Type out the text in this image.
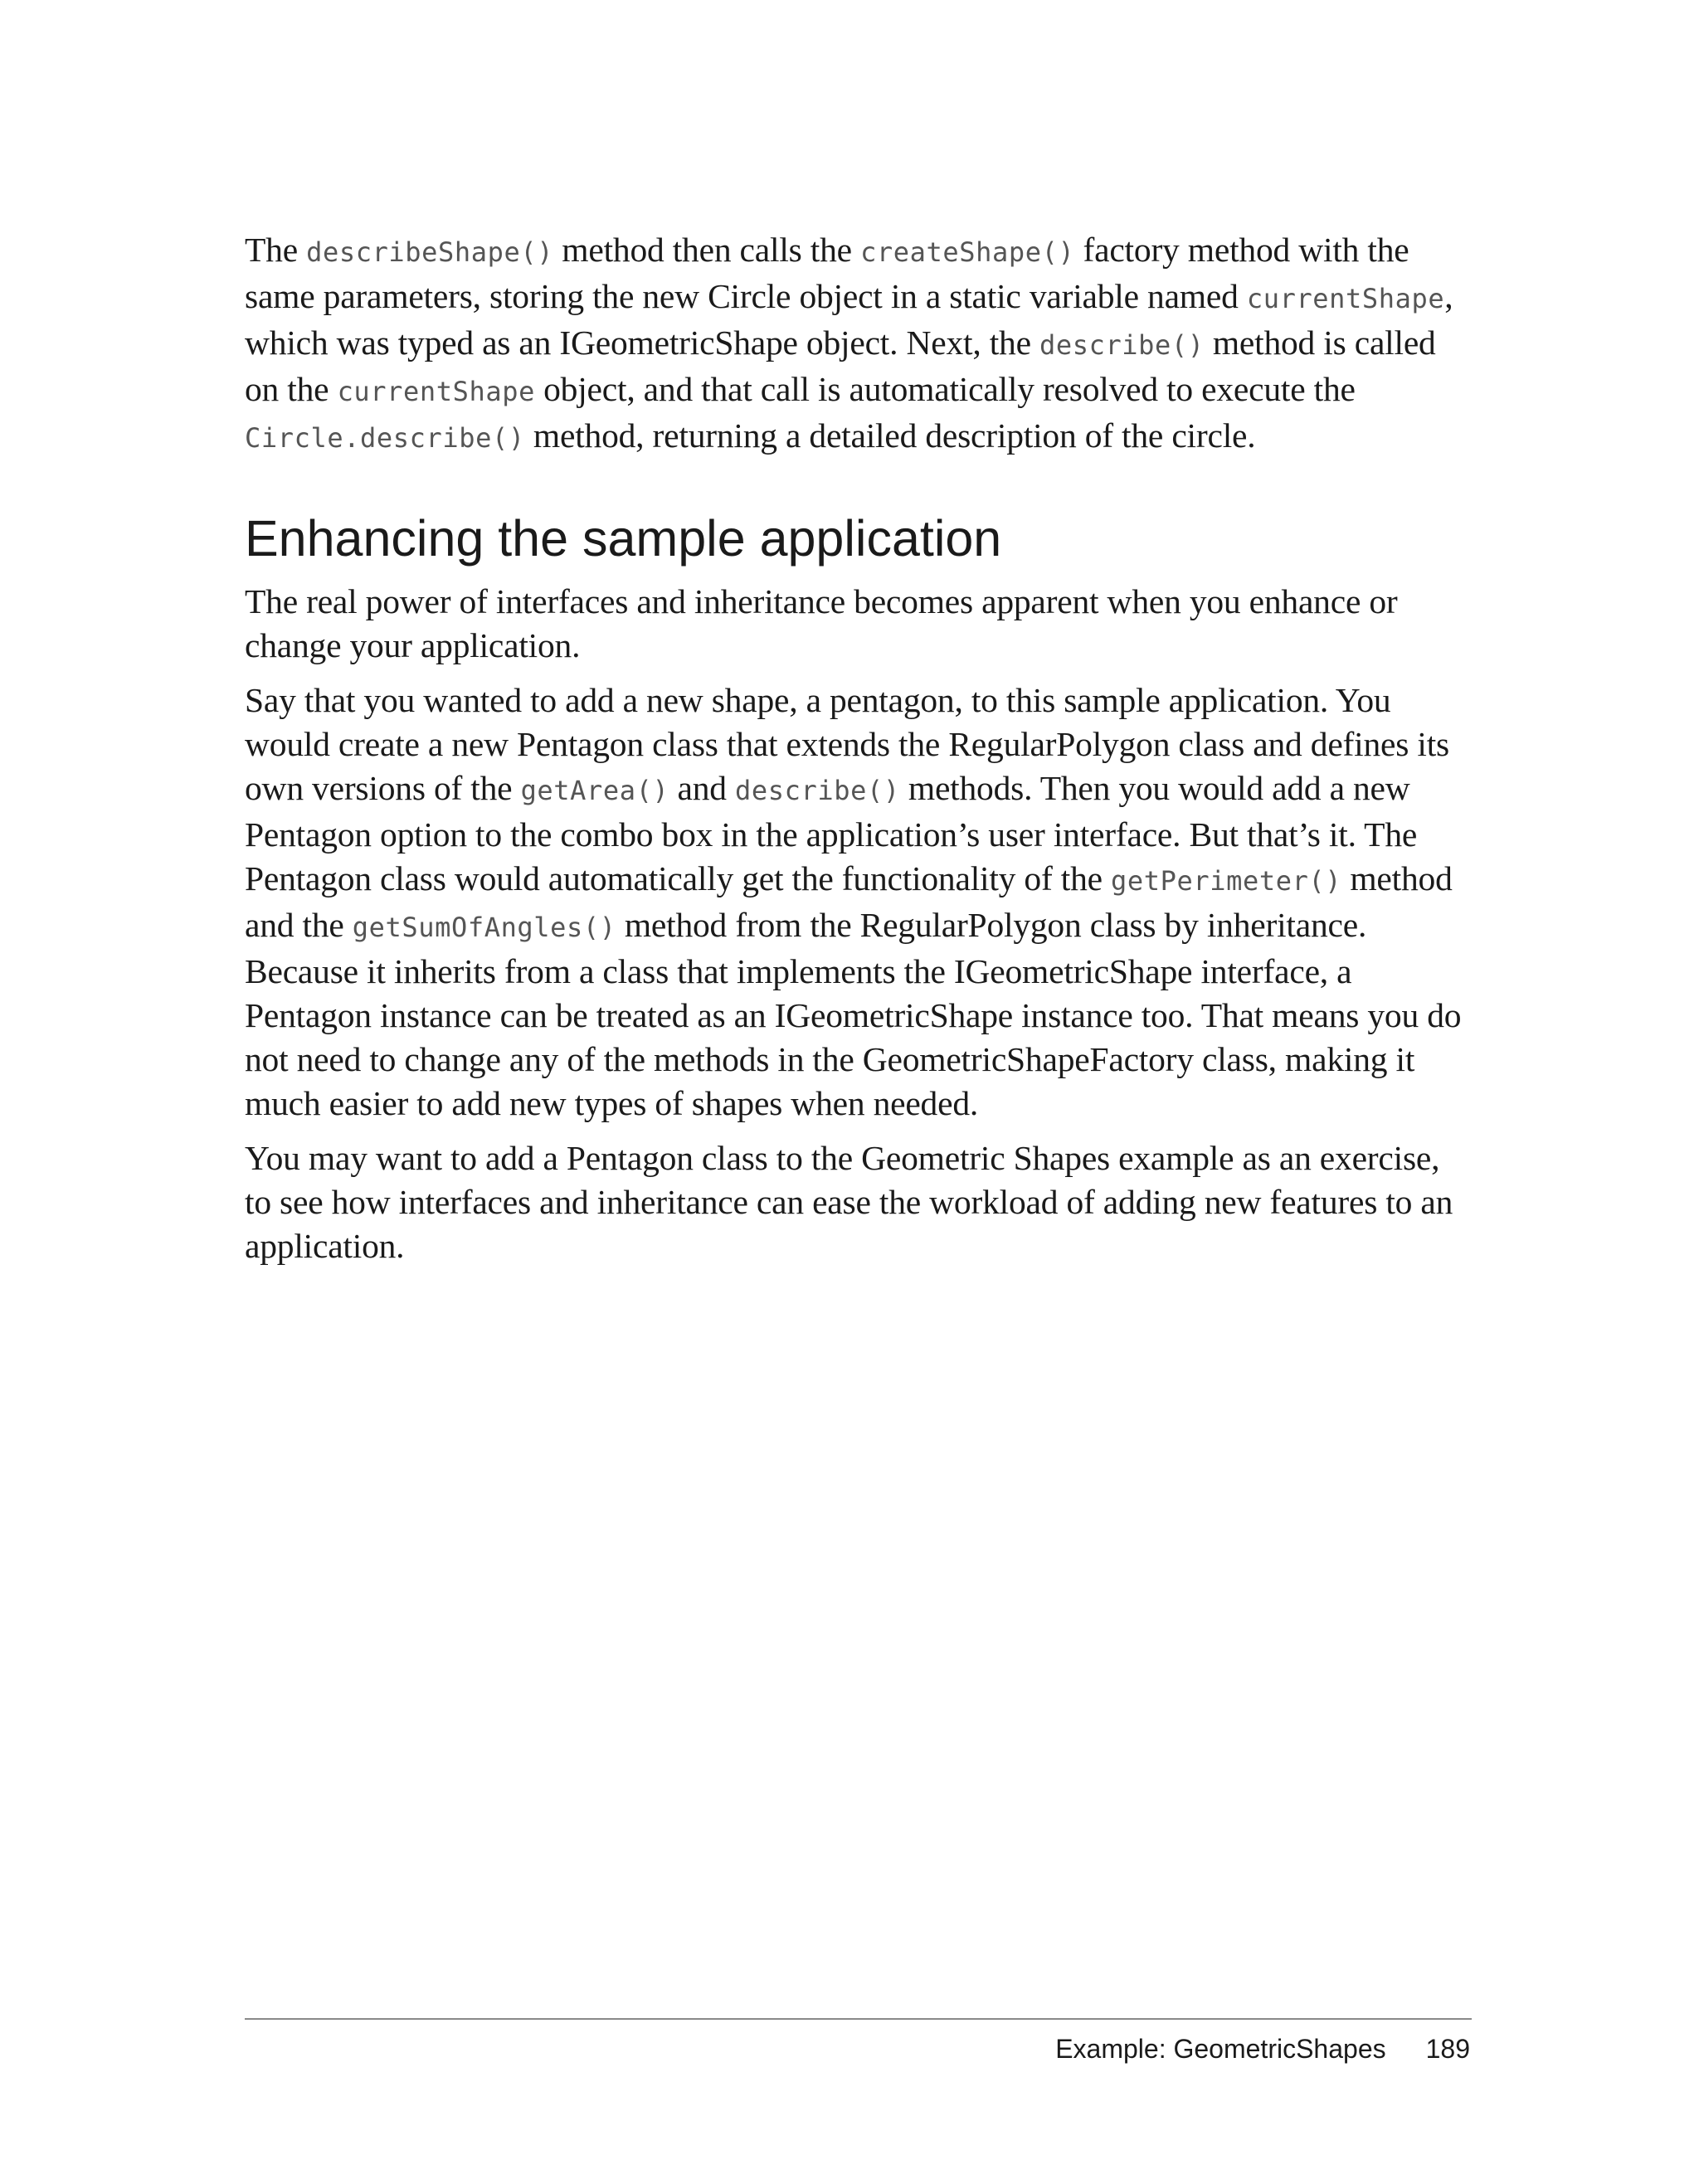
The describeShape() method then calls the createShape() factory method with the same parameters, storing the new Circle object in a static variable named currentShape, which was typed as an IGeometricShape object. Next, the describe() method is called on the currentShape object, and that call is automatically resolved to execute the Circle.describe() method, returning a detailed description of the circle.

Enhancing the sample application

The real power of interfaces and inheritance becomes apparent when you enhance or change your application.

Say that you wanted to add a new shape, a pentagon, to this sample application. You would create a new Pentagon class that extends the RegularPolygon class and defines its own versions of the getArea() and describe() methods. Then you would add a new Pentagon option to the combo box in the application’s user interface. But that’s it. The Pentagon class would automatically get the functionality of the getPerimeter() method and the getSumOfAngles() method from the RegularPolygon class by inheritance. Because it inherits from a class that implements the IGeometricShape interface, a Pentagon instance can be treated as an IGeometricShape instance too. That means you do not need to change any of the methods in the GeometricShapeFactory class, making it much easier to add new types of shapes when needed.

You may want to add a Pentagon class to the Geometric Shapes example as an exercise, to see how interfaces and inheritance can ease the workload of adding new features to an application.

Example: GeometricShapes 189
